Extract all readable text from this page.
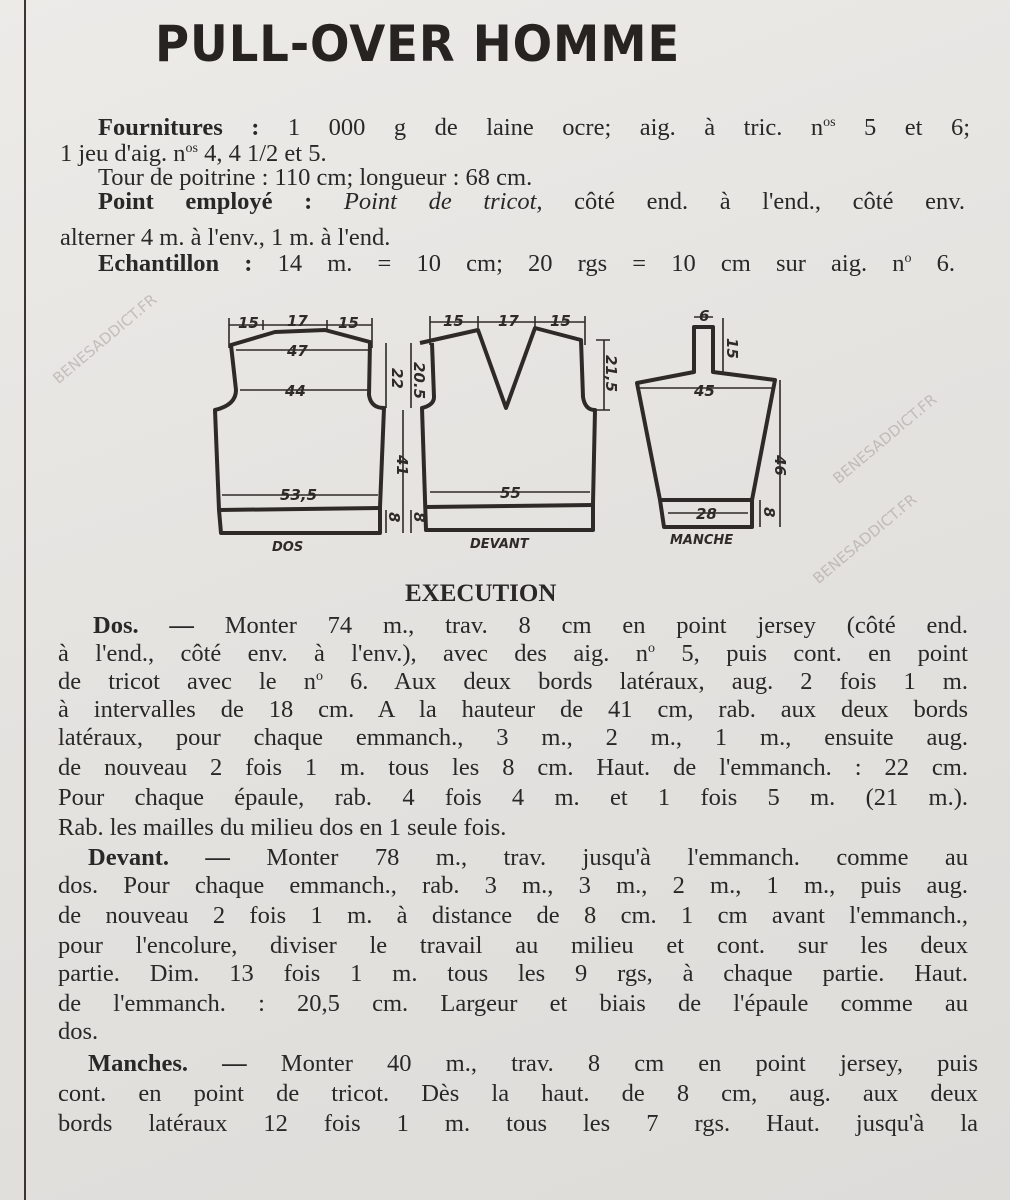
PULL-OVER HOMME
Fournitures : 1 000 g de laine ocre; aig. à tric. $n^{os}$ 5 et 6;
1 jeu d'aig. $n^{os}$ 4, 4 1/2 et 5.
Tour de poitrine : 110 cm; longueur : 68 cm.
Point employé : Point de tricot, côté end. à l'end., côté env.
alterner 4 m. à l'env., 1 m. à l'end.
Echantillon : 14 m. = 10 cm; 20 rgs = 10 cm sur aig. $n^o$ 6.
15 17 15
47
44
53,5
22 20.5
41
8 8
15 17 15
21,5
55
6
15
45
28
46
8
DOS	DEVANT	MANCHE
EXECUTION
Dos. — Monter 74 m., trav. 8 cm en point jersey (côté end.
à l'end., côté env. à l'env.), avec des aig. $n^o$ 5, puis cont. en point
de tricot avec le $n^o$ 6. Aux deux bords latéraux, aug. 2 fois 1 m.
à intervalles de 18 cm. A la hauteur de 41 cm, rab. aux deux bords
latéraux, pour chaque emmanch., 3 m., 2 m., 1 m., ensuite aug.
de nouveau 2 fois 1 m. tous les 8 cm. Haut. de l'emmanch. : 22 cm.
Pour chaque épaule, rab. 4 fois 4 m. et 1 fois 5 m. (21 m.).
Rab. les mailles du milieu dos en 1 seule fois.
Devant. — Monter 78 m., trav. jusqu'à l'emmanch. comme au
dos. Pour chaque emmanch., rab. 3 m., 3 m., 2 m., 1 m., puis aug.
de nouveau 2 fois 1 m. à distance de 8 cm. 1 cm avant l'emmanch.,
pour l'encolure, diviser le travail au milieu et cont. sur les deux
partie. Dim. 13 fois 1 m. tous les 9 rgs, à chaque partie. Haut.
de l'emmanch. : 20,5 cm. Largeur et biais de l'épaule comme au
dos.
Manches. — Monter 40 m., trav. 8 cm en point jersey, puis
cont. en point de tricot. Dès la haut. de 8 cm, aug. aux deux
bords latéraux 12 fois 1 m. tous les 7 rgs. Haut. jusqu'à la
BENESADDICT.FR
BENESADDICT.FR
BENESADDICT.FR
